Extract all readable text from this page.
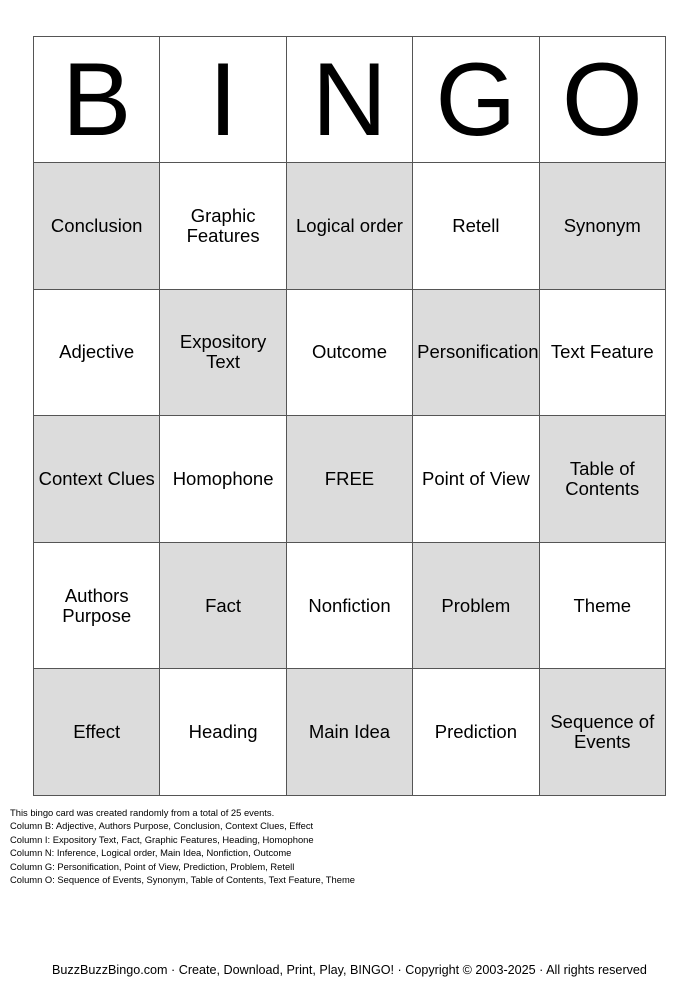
B	I	N	G	O
Conclusion	Graphic Features	Logical order	Retell	Synonym
Adjective	Expository Text	Outcome	Personification	Text Feature
Context Clues	Homophone	FREE	Point of View	Table of Contents
Authors Purpose	Fact	Nonfiction	Problem	Theme
Effect	Heading	Main Idea	Prediction	Sequence of Events
This bingo card was created randomly from a total of 25 events.
Column B: Adjective, Authors Purpose, Conclusion, Context Clues, Effect
Column I: Expository Text, Fact, Graphic Features, Heading, Homophone
Column N: Inference, Logical order, Main Idea, Nonfiction, Outcome
Column G: Personification, Point of View, Prediction, Problem, Retell
Column O: Sequence of Events, Synonym, Table of Contents, Text Feature, Theme
BuzzBuzzBingo.com · Create, Download, Print, Play, BINGO! · Copyright © 2003-2025 · All rights reserved
